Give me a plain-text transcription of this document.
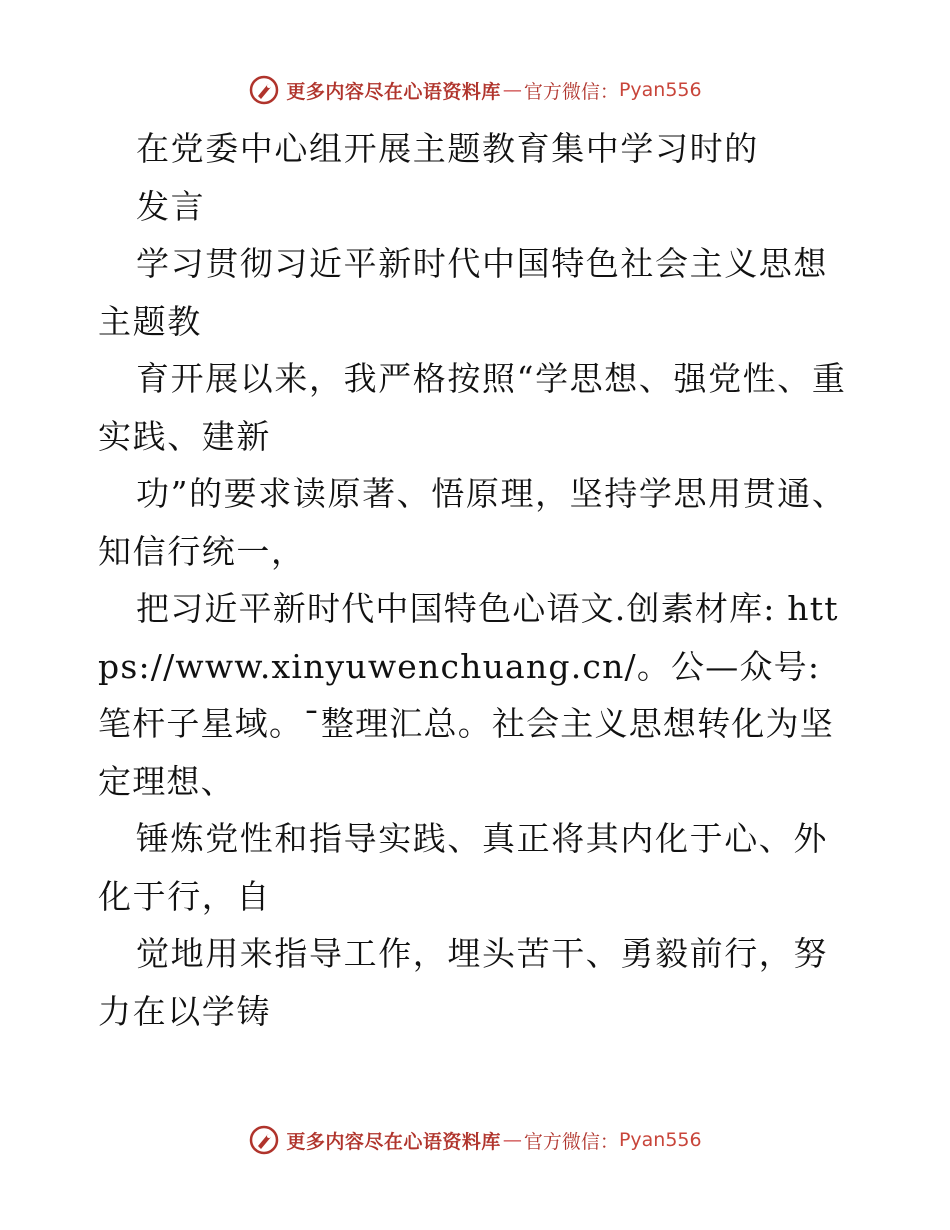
更多内容尽在心语资料库 — 官方微信： Pyan556

在党委中心组开展主题教育集中学习时的

发言

学习贯彻习近平新时代中国特色社会主义思想主题教

育开展以来，我严格按照“学思想、强党性、重实践、建新

功”的要求读原著、悟原理，坚持学思用贯通、知信行统一，

把习近平新时代中国特色心语文.创素材库: https://www.xinyuwenchuang.cn/。公—众号: 笔杆子星域。¯整理汇总。社会主义思想转化为坚定理想、

锤炼党性和指导实践、真正将其内化于心、外化于行，自

觉地用来指导工作，埋头苦干、勇毅前行，努力在以学铸

更多内容尽在心语资料库 — 官方微信： Pyan556
